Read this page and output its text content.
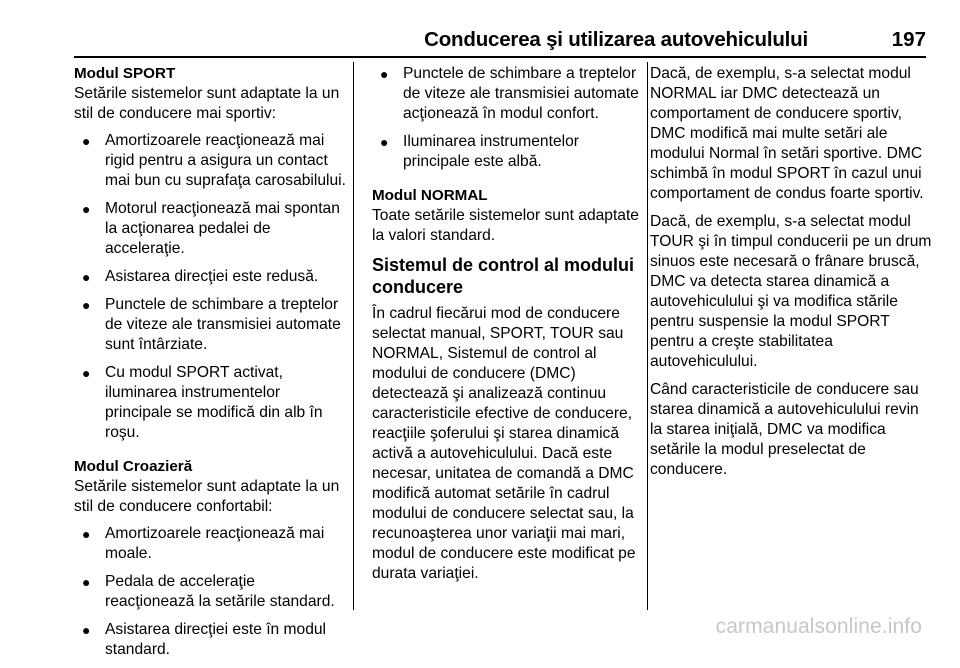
Conducerea şi utilizarea autovehiculului	197
Modul SPORT

Setările sistemelor sunt adaptate la un stil de conducere mai sportiv:

● Amortizoarele reacţionează mai rigid pentru a asigura un contact mai bun cu suprafaţa carosabilului.
● Motorul reacţionează mai spontan la acţionarea pedalei de acceleraţie.
● Asistarea direcţiei este redusă.
● Punctele de schimbare a treptelor de viteze ale transmisiei automate sunt întârziate.
● Cu modul SPORT activat, iluminarea instrumentelor principale se modifică din alb în roşu.
Modul Croazieră

Setările sistemelor sunt adaptate la un stil de conducere confortabil:

● Amortizoarele reacţionează mai moale.
● Pedala de acceleraţie reacţionează la setările standard.
● Asistarea direcţiei este în modul standard.
● Punctele de schimbare a treptelor de viteze ale transmisiei automate acţionează în modul confort.
● Iluminarea instrumentelor principale este albă.
Modul NORMAL

Toate setările sistemelor sunt adaptate la valori standard.

Sistemul de control al modului conducere

În cadrul fiecărui mod de conducere selectat manual, SPORT, TOUR sau NORMAL, Sistemul de control al modului de conducere (DMC) detectează şi analizează continuu caracteristicile efective de conducere, reacţiile şoferului şi starea dinamică activă a autovehiculului. Dacă este necesar, unitatea de comandă a DMC modifică automat setările în cadrul modului de conducere selectat sau, la recunoaşterea unor variaţii mai mari, modul de conducere este modificat pe durata variaţiei.

Dacă, de exemplu, s-a selectat modul NORMAL iar DMC detectează un comportament de conducere sportiv, DMC modifică mai multe setări ale modului Normal în setări sportive. DMC schimbă în modul SPORT în cazul unui comportament de condus foarte sportiv.

Dacă, de exemplu, s-a selectat modul TOUR şi în timpul conducerii pe un drum sinuos este necesară o frânare bruscă, DMC va detecta starea dinamică a autovehiculului şi va modifica stările pentru suspensie la modul SPORT pentru a creşte stabilitatea autovehiculului.

Când caracteristicile de conducere sau starea dinamică a autovehiculului revin la starea iniţială, DMC va modifica setările la modul preselectat de conducere.

carmanualsonline.info
